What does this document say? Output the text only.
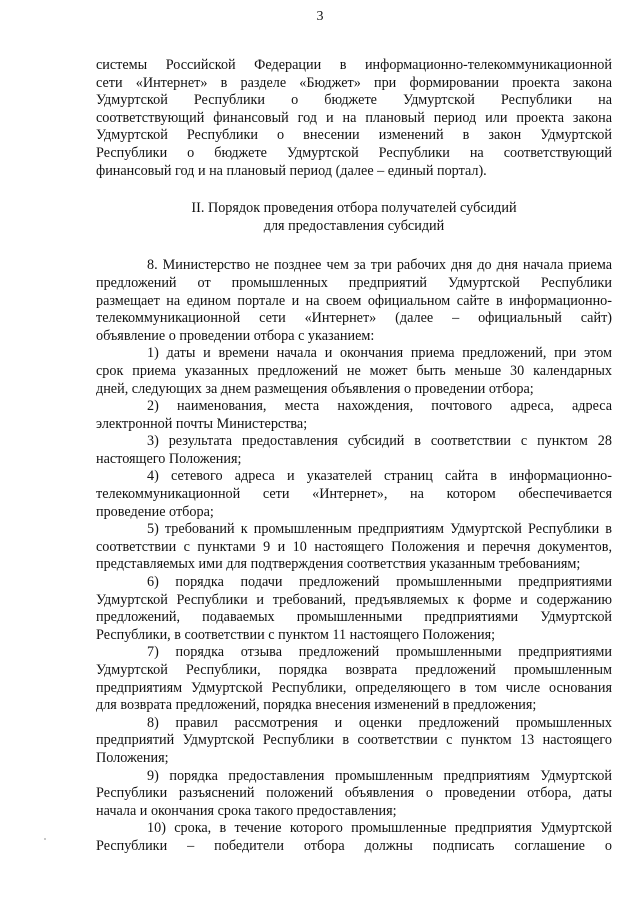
3
системы Российской Федерации в информационно-телекоммуникационной
сети «Интернет» в разделе «Бюджет» при формировании проекта закона
Удмуртской Республики о бюджете Удмуртской Республики на
соответствующий финансовый год и на плановый период или проекта закона
Удмуртской Республики о внесении изменений в закон Удмуртской
Республики о бюджете Удмуртской Республики на соответствующий
финансовый год и на плановый период (далее – единый портал).
II. Порядок проведения отбора получателей субсидий
для предоставления субсидий
8. Министерство не позднее чем за три рабочих дня до дня начала приема
предложений от промышленных предприятий Удмуртской Республики
размещает на едином портале и на своем официальном сайте в информационно-
телекоммуникационной сети «Интернет» (далее – официальный сайт)
объявление о проведении отбора с указанием:
1) даты и времени начала и окончания приема предложений, при этом
срок приема указанных предложений не может быть меньше 30 календарных
дней, следующих за днем размещения объявления о проведении отбора;
2) наименования, места нахождения, почтового адреса, адреса
электронной почты Министерства;
3) результата предоставления субсидий в соответствии с пунктом 28
настоящего Положения;
4) сетевого адреса и указателей страниц сайта в информационно-
телекоммуникационной сети «Интернет», на котором обеспечивается
проведение отбора;
5) требований к промышленным предприятиям Удмуртской Республики в
соответствии с пунктами 9 и 10 настоящего Положения и перечня документов,
представляемых ими для подтверждения соответствия указанным требованиям;
6) порядка подачи предложений промышленными предприятиями
Удмуртской Республики и требований, предъявляемых к форме и содержанию
предложений, подаваемых промышленными предприятиями Удмуртской
Республики, в соответствии с пунктом 11 настоящего Положения;
7) порядка отзыва предложений промышленными предприятиями
Удмуртской Республики, порядка возврата предложений промышленным
предприятиям Удмуртской Республики, определяющего в том числе основания
для возврата предложений, порядка внесения изменений в предложения;
8) правил рассмотрения и оценки предложений промышленных
предприятий Удмуртской Республики в соответствии с пунктом 13 настоящего
Положения;
9) порядка предоставления промышленным предприятиям Удмуртской
Республики разъяснений положений объявления о проведении отбора, даты
начала и окончания срока такого предоставления;
10) срока, в течение которого промышленные предприятия Удмуртской
Республики – победители отбора должны подписать соглашение о
